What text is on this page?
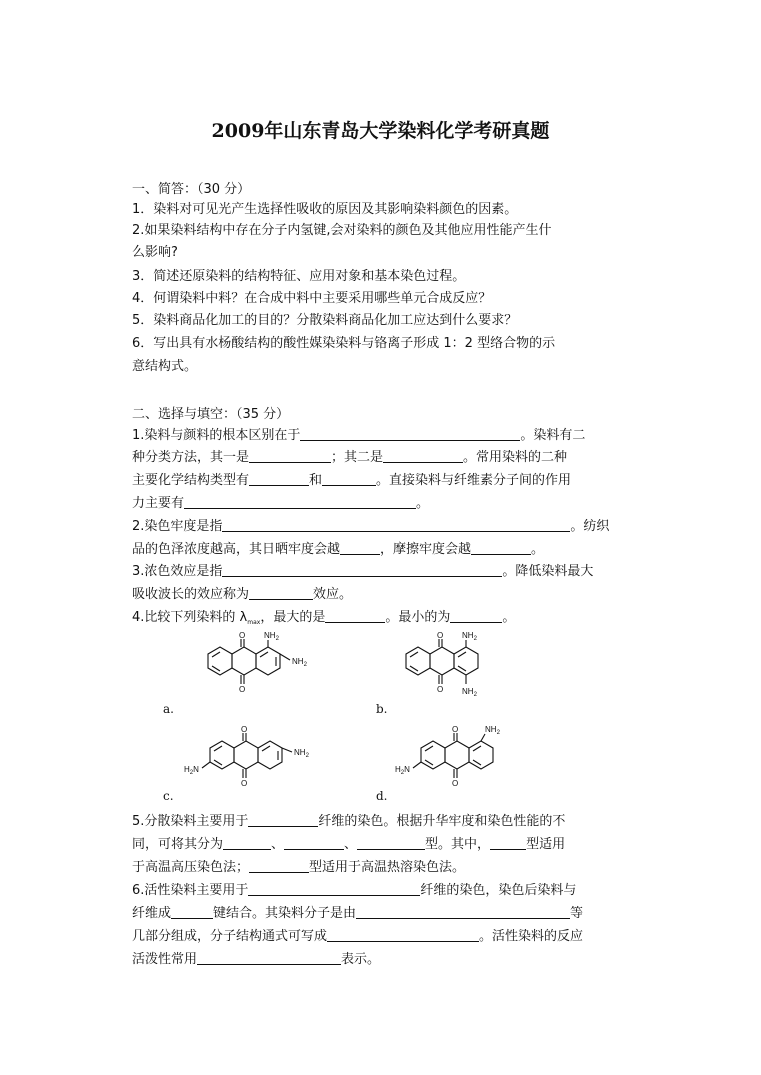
2009年山东青岛大学染料化学考研真题
一、简答：（30 分）
1．染料对可见光产生选择性吸收的原因及其影响染料颜色的因素。
2.如果染料结构中存在分子内氢键,会对染料的颜色及其他应用性能产生什
么影响?
3．简述还原染料的结构特征、应用对象和基本染色过程。
4．何谓染料中料？在合成中料中主要采用哪些单元合成反应？
5．染料商品化加工的目的？分散染料商品化加工应达到什么要求？
6．写出具有水杨酸结构的酸性媒染染料与铬离子形成 1：2 型络合物的示
意结构式。
二、选择与填空：（35 分）
1.染料与颜料的根本区别在于	。染料有二
种分类方法，其一是	；其二是	。常用染料的二种
主要化学结构类型有	和	。直接染料与纤维素分子间的作用
力主要有	。
2.染色牢度是指	。纺织
品的色泽浓度越高，其日晒牢度会越	，摩擦牢度会越	。
3.浓色效应是指	。降低染料最大
吸收波长的效应称为	效应。
4.比较下列染料的 $\lambda_{max}$，最大的是	。最小的为	。
O
O
$NH_2$
$NH_2$
a.
O
O
$NH_2$
$NH_2$
b.
O
O
$NH_2$
$H_2N$
c.
O
O
$NH_2$
$H_2N$
d.
5.分散染料主要用于	纤维的染色。根据升华牢度和染色性能的不
同，可将其分为	、	、	型。其中，	型适用
于高温高压染色法；	型适用于高温热溶染色法。
6.活性染料主要用于	纤维的染色，染色后染料与
纤维成	键结合。其染料分子是由	等
几部分组成，分子结构通式可写成	。活性染料的反应
活泼性常用	表示。
